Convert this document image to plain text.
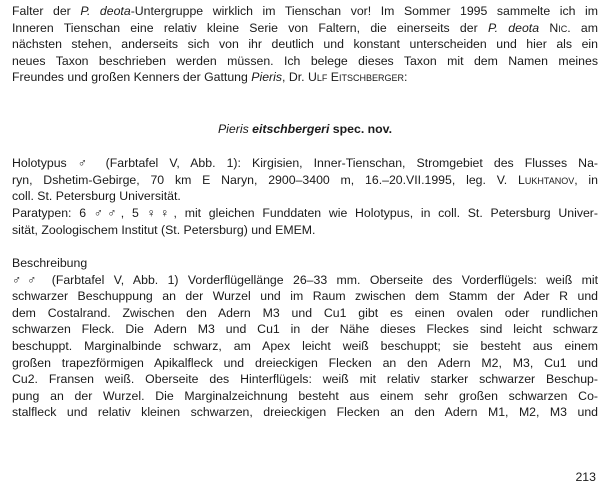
Falter der P. deota-Untergruppe wirklich im Tienschan vor! Im Sommer 1995 sammelte ich im
Inneren Tienschan eine relativ kleine Serie von Faltern, die einerseits der P. deota Nic. am
nächsten stehen, anderseits sich von ihr deutlich und konstant unterscheiden und hier als ein
neues Taxon beschrieben werden müssen. Ich belege dieses Taxon mit dem Namen meines
Freundes und großen Kenners der Gattung Pieris, Dr. Ulf Eitschberger:
Pieris eitschbergeri spec. nov.
Holotypus ♂ (Farbtafel V, Abb. 1): Kirgisien, Inner-Tienschan, Stromgebiet des Flusses Na-
ryn, Dshetim-Gebirge, 70 km E Naryn, 2900–3400 m, 16.–20.VII.1995, leg. V. Lukhtanov, in
coll. St. Petersburg Universität.
Paratypen: 6 ♂♂, 5 ♀♀, mit gleichen Funddaten wie Holotypus, in coll. St. Petersburg Univer-
sität, Zoologischem Institut (St. Petersburg) und EMEM.
Beschreibung
♂♂ (Farbtafel V, Abb. 1) Vorderflügellänge 26–33 mm. Oberseite des Vorderflügels: weiß mit
schwarzer Beschuppung an der Wurzel und im Raum zwischen dem Stamm der Ader R und
dem Costalrand. Zwischen den Adern M3 und Cu1 gibt es einen ovalen oder rundlichen
schwarzen Fleck. Die Adern M3 und Cu1 in der Nähe dieses Fleckes sind leicht schwarz
beschuppt. Marginalbinde schwarz, am Apex leicht weiß beschuppt; sie besteht aus einem
großen trapezförmigen Apikalfleck und dreieckigen Flecken an den Adern M2, M3, Cu1 und
Cu2. Fransen weiß. Oberseite des Hinterflügels: weiß mit relativ starker schwarzer Beschup-
pung an der Wurzel. Die Marginalzeichnung besteht aus einem sehr großen schwarzen Co-
stalfleck und relativ kleinen schwarzen, dreieckigen Flecken an den Adern M1, M2, M3 und
213
